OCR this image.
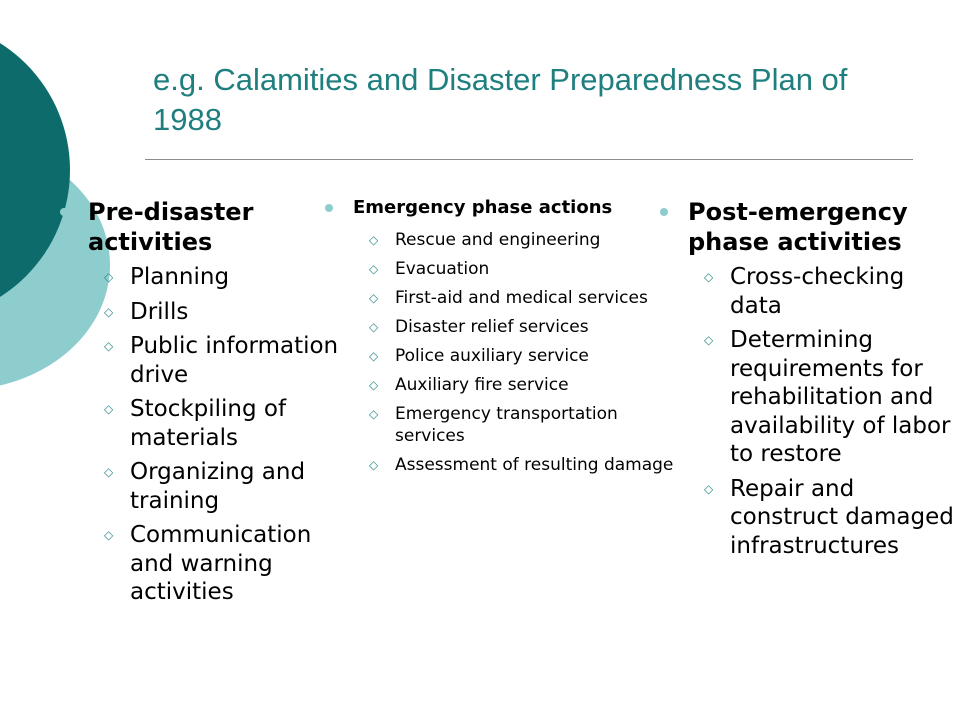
e.g. Calamities and Disaster Preparedness Plan of 1988
Pre-disaster activities
◇ Planning
◇ Drills
◇ Public information drive
◇ Stockpiling of materials
◇ Organizing and training
◇ Communication and warning activities
Emergency phase actions
◇ Rescue and engineering
◇ Evacuation
◇ First-aid and medical services
◇ Disaster relief services
◇ Police auxiliary service
◇ Auxiliary fire service
◇ Emergency transportation services
◇ Assessment of resulting damage
Post-emergency phase activities
◇ Cross-checking data
◇ Determining requirements for rehabilitation and availability of labor to restore
◇ Repair and construct damaged infrastructures
